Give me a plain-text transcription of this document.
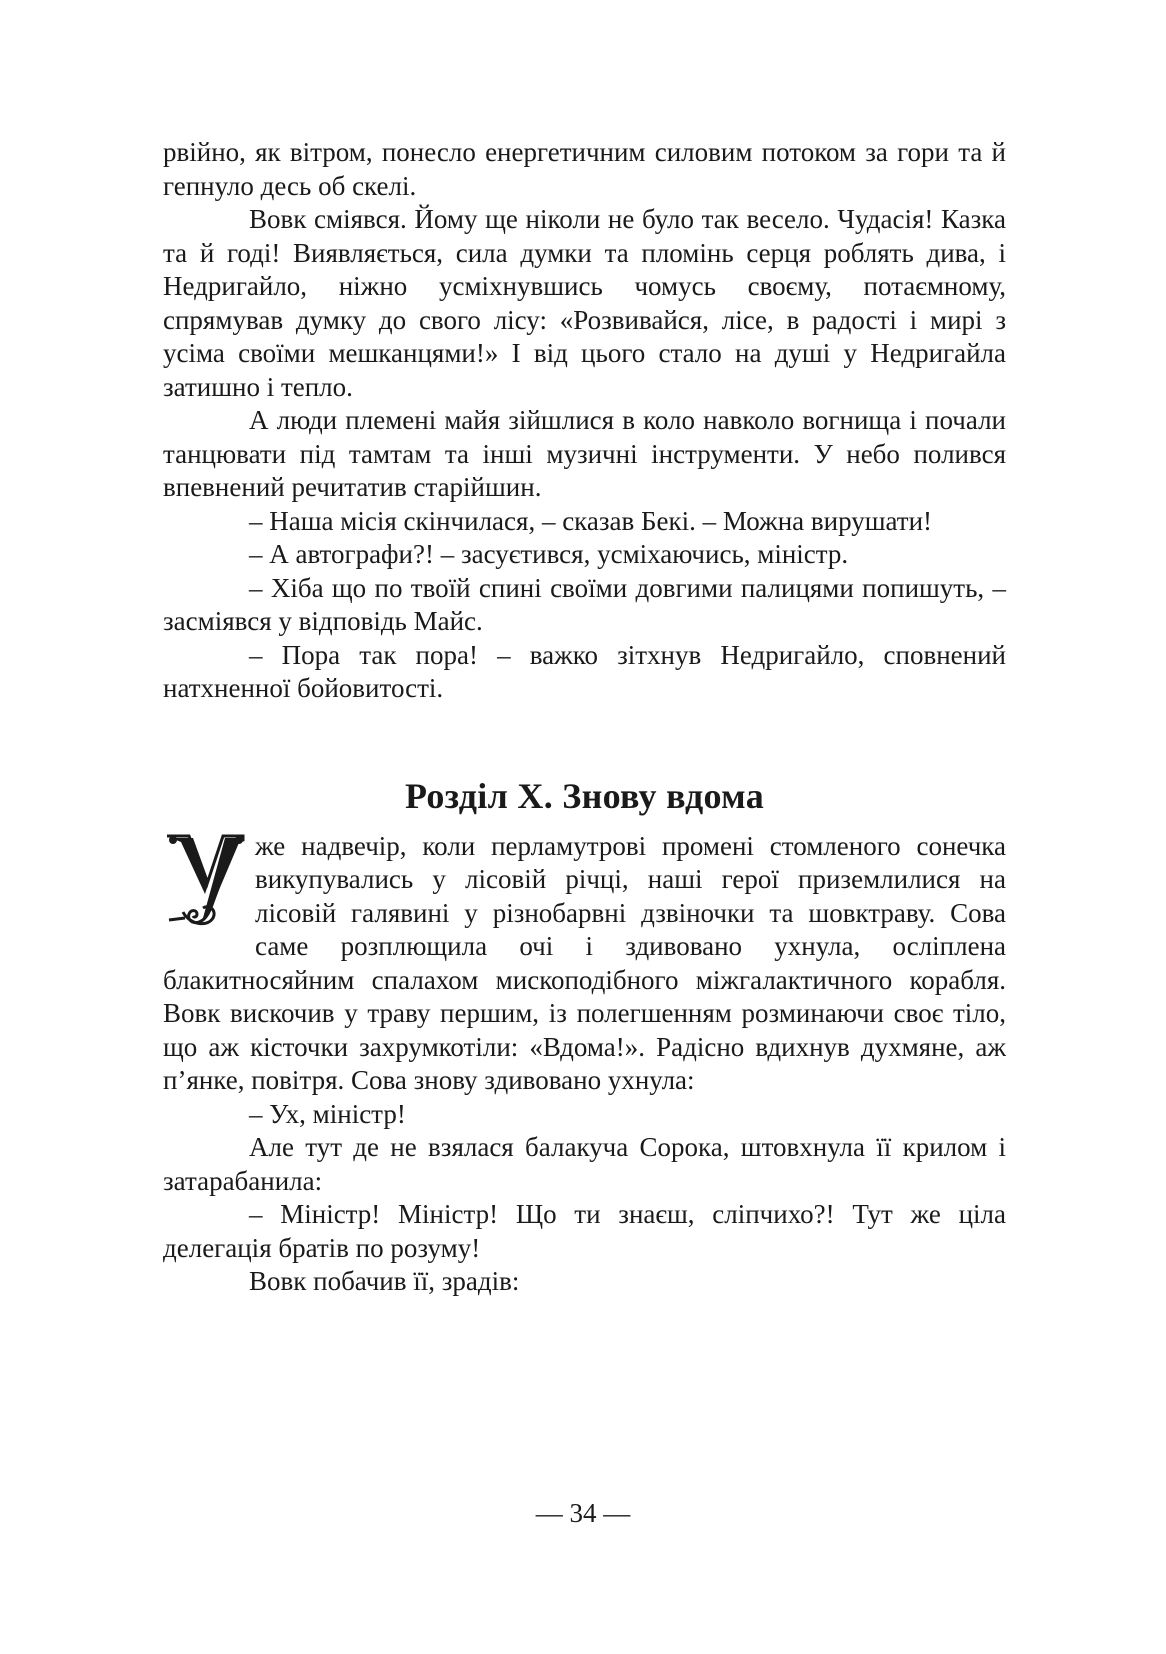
рвійно, як вітром, понесло енергетичним силовим потоком за гори та й гепнуло десь об скелі.

Вовк сміявся. Йому ще ніколи не було так весело. Чудасія! Казка та й годі! Виявляється, сила думки та пломінь серця роблять дива, і Недригайло, ніжно усміхнувшись чомусь своєму, потаємному, спрямував думку до свого лісу: «Розвивайся, лісе, в радості і мирі з усіма своїми мешканцями!» І від цього стало на душі у Недригайла затишно і тепло.

А люди племені майя зійшлися в коло навколо вогнища і почали танцювати під тамтам та інші музичні інструменти. У небо полився впевнений речитатив старійшин.

– Наша місія скінчилася, – сказав Бекі. – Можна вирушати!

– А автографи?! – засуєтився, усміхаючись, міністр.

– Хіба що по твоїй спині своїми довгими палицями попишуть, – засміявся у відповідь Майс.

– Пора так пора! – важко зітхнув Недригайло, сповнений натхненної бойовитості.

Розділ Х. Знову вдома

же надвечір, коли перламутрові промені стомленого сонечка викупувались у лісовій річці, наші герої приземлилися на лісовій галявині у різнобарвні дзвіночки та шовктраву. Сова саме розплющила очі і здивовано ухнула, осліплена блакитносяйним спалахом мископодібного міжгалактичного корабля. Вовк вискочив у траву першим, із полегшенням розминаючи своє тіло, що аж кісточки захрумкотіли: «Вдома!». Радісно вдихнув духмяне, аж п’янке, повітря. Сова знову здивовано ухнула:

– Ух, міністр!

Але тут де не взялася балакуча Сорока, штовхнула її крилом і затарабанила:

– Міністр! Міністр! Що ти знаєш, сліпчихо?! Тут же ціла делегація братів по розуму!

Вовк побачив її, зрадів:

— 34 —
